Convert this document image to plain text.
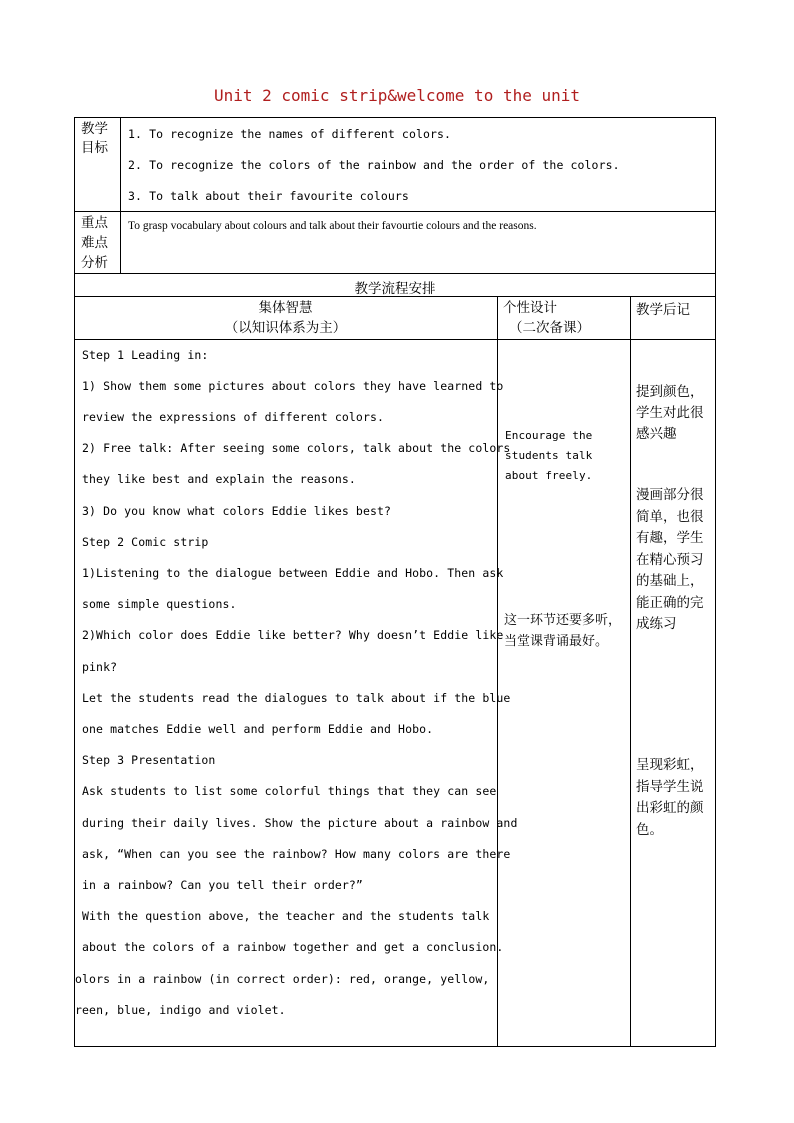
Unit 2 comic strip&welcome to the unit
教学
目标
1. To recognize the names of different colors.
2. To recognize the colors of the rainbow and the order of the colors.
3. To talk about their favourite colours
重点
难点
分析
To grasp vocabulary about colours and talk about their favourtie colours and the reasons.
教学流程安排
集体智慧
（以知识体系为主）
个性设计
（二次备课）
教学后记
Step 1 Leading in:
1) Show them some pictures about colors they have learned to
review the expressions of different colors.
2) Free talk: After seeing some colors, talk about the colors
they like best and explain the reasons.
3) Do you know what colors Eddie likes best?
Step 2 Comic strip
1)Listening to the dialogue between Eddie and Hobo. Then ask
some simple questions.
2)Which color does Eddie like better? Why doesn’t Eddie like
pink?
Let the students read the dialogues to talk about if the blue
one matches Eddie well and perform Eddie and Hobo.
Step 3 Presentation
Ask students to list some colorful things that they can see
during their daily lives. Show the picture about a rainbow and
ask, “When can you see the rainbow? How many colors are there
in a rainbow? Can you tell their order?”
With the question above, the teacher and the students talk
about the colors of a rainbow together and get a conclusion.
olors in a rainbow (in correct order): red, orange, yellow,
reen, blue, indigo and violet.
Encourage the
students talk
about freely.
这一环节还要多听，
当堂课背诵最好。
提到颜色，
学生对此很
感兴趣
漫画部分很
简单，也很
有趣，学生
在精心预习
的基础上，
能正确的完
成练习
呈现彩虹，
指导学生说
出彩虹的颜
色。
